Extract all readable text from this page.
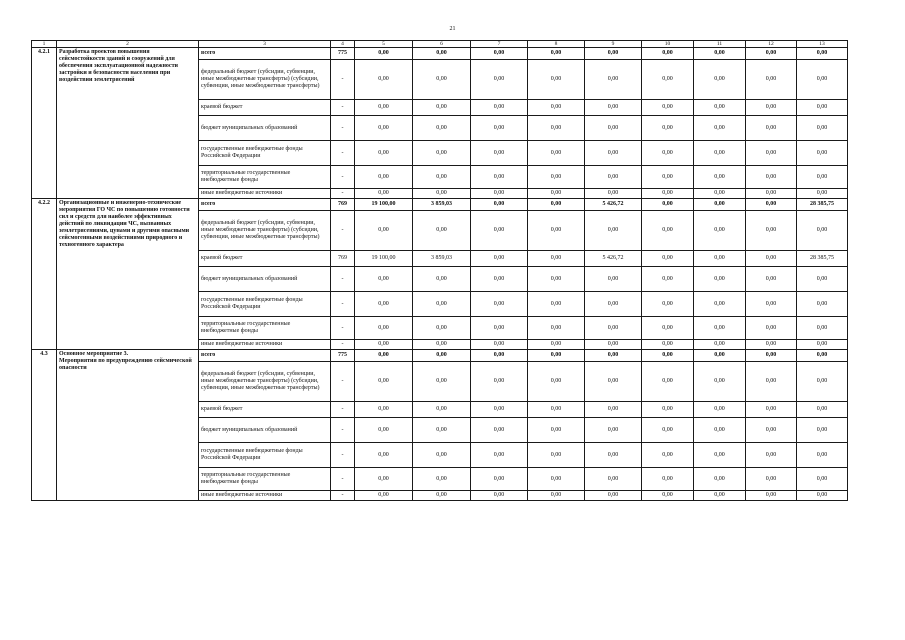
21
1	2	3	4	5	6	7	8	9	10	11	12	13
4.2.1	Разработка проектов повышения сейсмостойкости зданий и сооружений для обеспечения эксплуатационной надежности застройки и безопасности населения при воздействии землетрясений	всего	775	0,00	0,00	0,00	0,00	0,00	0,00	0,00	0,00	0,00
		федеральный бюджет (субсидии, субвенции, иные межбюджетные трансферты) (субсидии, субвенции, иные межбюджетные трансферты)	-	0,00	0,00	0,00	0,00	0,00	0,00	0,00	0,00	0,00
		краевой бюджет	-	0,00	0,00	0,00	0,00	0,00	0,00	0,00	0,00	0,00
		бюджет муниципальных образований	-	0,00	0,00	0,00	0,00	0,00	0,00	0,00	0,00	0,00
		государственные внебюджетные фонды Российской Федерации	-	0,00	0,00	0,00	0,00	0,00	0,00	0,00	0,00	0,00
		территориальные государственные внебюджетные фонды	-	0,00	0,00	0,00	0,00	0,00	0,00	0,00	0,00	0,00
		иные внебюджетные источники	-	0,00	0,00	0,00	0,00	0,00	0,00	0,00	0,00	0,00
4.2.2	Организационные и инженерно-технические мероприятия ГО ЧС по повышению готовности сил и средств для наиболее эффективных действий по ликвидации ЧС, вызванных землетрясениями, цунами и другими опасными сейсмогенными воздействиями природного и техногенного характера	всего	769	19 100,00	3 859,03	0,00	0,00	5 426,72	0,00	0,00	0,00	28 385,75
		федеральный бюджет (субсидии, субвенции, иные межбюджетные трансферты) (субсидии, субвенции, иные межбюджетные трансферты)	-	0,00	0,00	0,00	0,00	0,00	0,00	0,00	0,00	0,00
		краевой бюджет	769	19 100,00	3 859,03	0,00	0,00	5 426,72	0,00	0,00	0,00	28 385,75
		бюджет муниципальных образований	-	0,00	0,00	0,00	0,00	0,00	0,00	0,00	0,00	0,00
		государственные внебюджетные фонды Российской Федерации	-	0,00	0,00	0,00	0,00	0,00	0,00	0,00	0,00	0,00
		территориальные государственные внебюджетные фонды	-	0,00	0,00	0,00	0,00	0,00	0,00	0,00	0,00	0,00
		иные внебюджетные источники	-	0,00	0,00	0,00	0,00	0,00	0,00	0,00	0,00	0,00
4.3	Основное мероприятие 3.
Мероприятия по предупреждению сейсмической опасности	всего	775	0,00	0,00	0,00	0,00	0,00	0,00	0,00	0,00	0,00
		федеральный бюджет (субсидии, субвенции, иные межбюджетные трансферты) (субсидии, субвенции, иные межбюджетные трансферты)	-	0,00	0,00	0,00	0,00	0,00	0,00	0,00	0,00	0,00
		краевой бюджет	-	0,00	0,00	0,00	0,00	0,00	0,00	0,00	0,00	0,00
		бюджет муниципальных образований	-	0,00	0,00	0,00	0,00	0,00	0,00	0,00	0,00	0,00
		государственные внебюджетные фонды Российской Федерации	-	0,00	0,00	0,00	0,00	0,00	0,00	0,00	0,00	0,00
		территориальные государственные внебюджетные фонды	-	0,00	0,00	0,00	0,00	0,00	0,00	0,00	0,00	0,00
		иные внебюджетные источники	-	0,00	0,00	0,00	0,00	0,00	0,00	0,00	0,00	0,00
